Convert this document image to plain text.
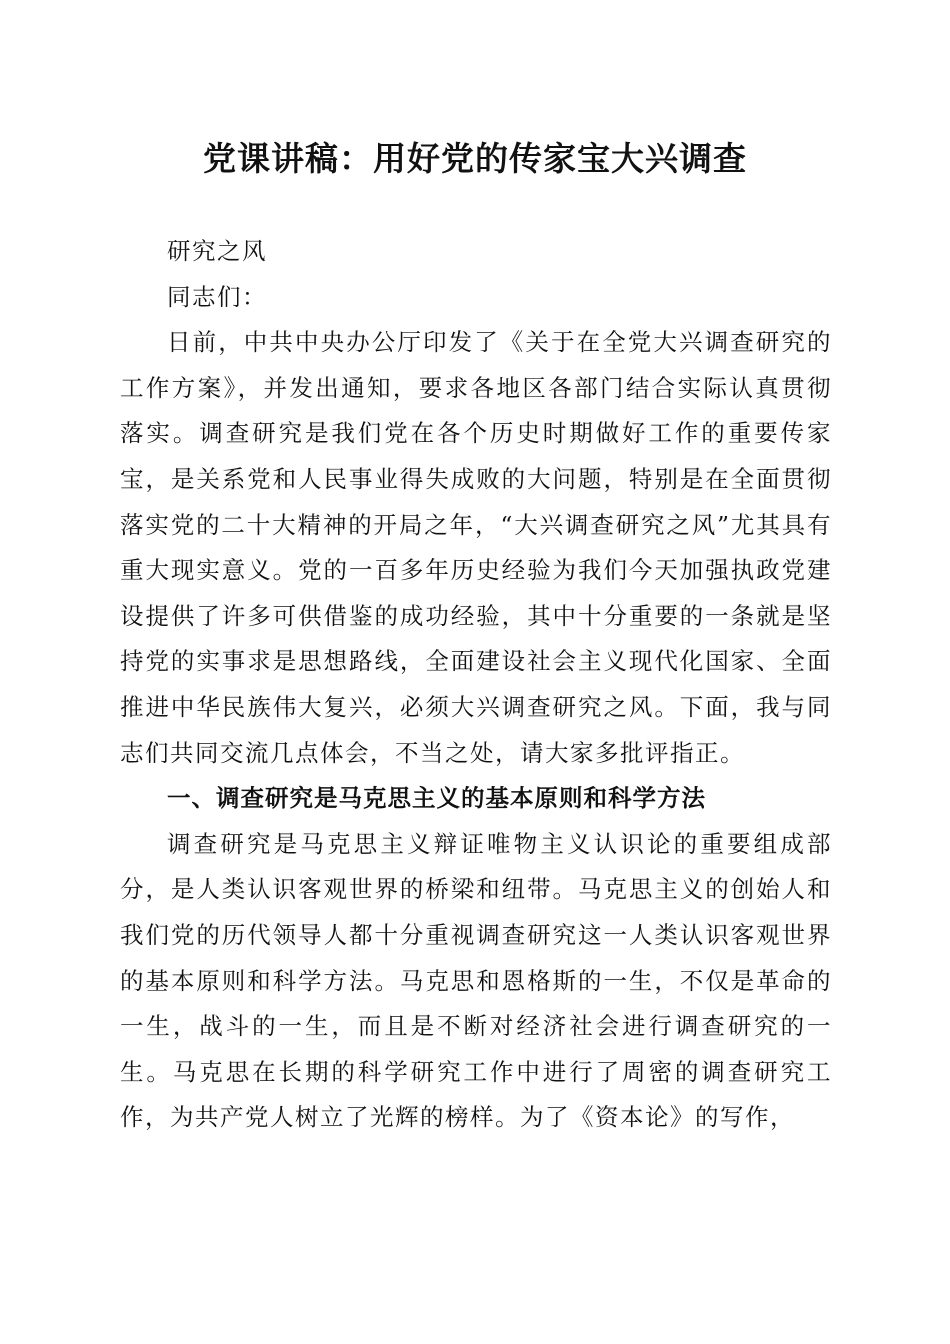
党课讲稿：用好党的传家宝大兴调查

研究之风

同志们：

日前，中共中央办公厅印发了《关于在全党大兴调查研究的工作方案》，并发出通知，要求各地区各部门结合实际认真贯彻落实。调查研究是我们党在各个历史时期做好工作的重要传家宝，是关系党和人民事业得失成败的大问题，特别是在全面贯彻落实党的二十大精神的开局之年，“大兴调查研究之风”尤其具有重大现实意义。党的一百多年历史经验为我们今天加强执政党建设提供了许多可供借鉴的成功经验，其中十分重要的一条就是坚持党的实事求是思想路线，全面建设社会主义现代化国家、全面推进中华民族伟大复兴，必须大兴调查研究之风。下面，我与同志们共同交流几点体会，不当之处，请大家多批评指正。

一、调查研究是马克思主义的基本原则和科学方法

调查研究是马克思主义辩证唯物主义认识论的重要组成部分，是人类认识客观世界的桥梁和纽带。马克思主义的创始人和我们党的历代领导人都十分重视调查研究这一人类认识客观世界的基本原则和科学方法。马克思和恩格斯的一生，不仅是革命的一生，战斗的一生，而且是不断对经济社会进行调查研究的一生。马克思在长期的科学研究工作中进行了周密的调查研究工作，为共产党人树立了光辉的榜样。为了《资本论》的写作，
